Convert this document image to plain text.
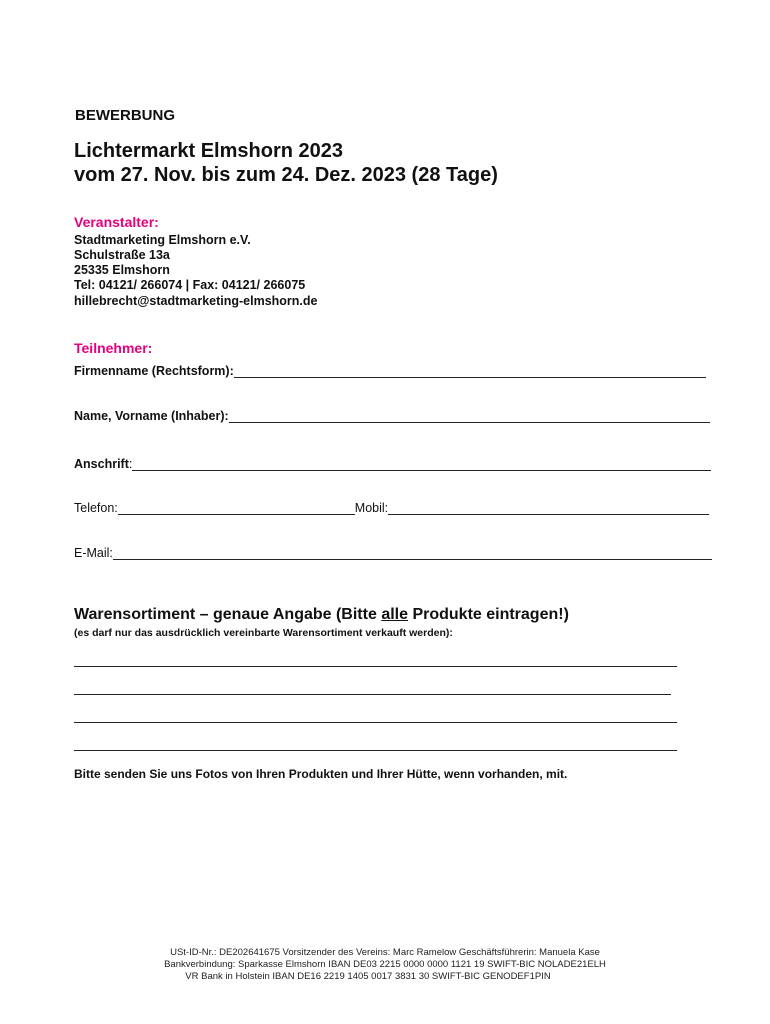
BEWERBUNG
Lichtermarkt Elmshorn 2023
vom 27. Nov. bis zum 24. Dez. 2023 (28 Tage)
Veranstalter:
Stadtmarketing Elmshorn e.V.
Schulstraße 13a
25335 Elmshorn
Tel: 04121/ 266074 | Fax: 04121/ 266075
hillebrecht@stadtmarketing-elmshorn.de
Teilnehmer:
Firmenname (Rechtsform):
Name, Vorname (Inhaber):
Anschrift :
Telefon:	Mobil:
E-Mail:
Warensortiment – genaue Angabe (Bitte alle Produkte eintragen!)
(es darf nur das ausdrücklich vereinbarte Warensortiment verkauft werden):
Bitte senden Sie uns Fotos von Ihren Produkten und Ihrer Hütte, wenn vorhanden, mit.
USt-ID-Nr.: DE202641675 Vorsitzender des Vereins: Marc Ramelow Geschäftsführerin: Manuela Kase
Bankverbindung: Sparkasse Elmshorn IBAN DE03 2215 0000 0000 1121 19 SWIFT-BIC NOLADE21ELH
VR Bank in Holstein IBAN DE16 2219 1405 0017 3831 30 SWIFT-BIC GENODEF1PIN
